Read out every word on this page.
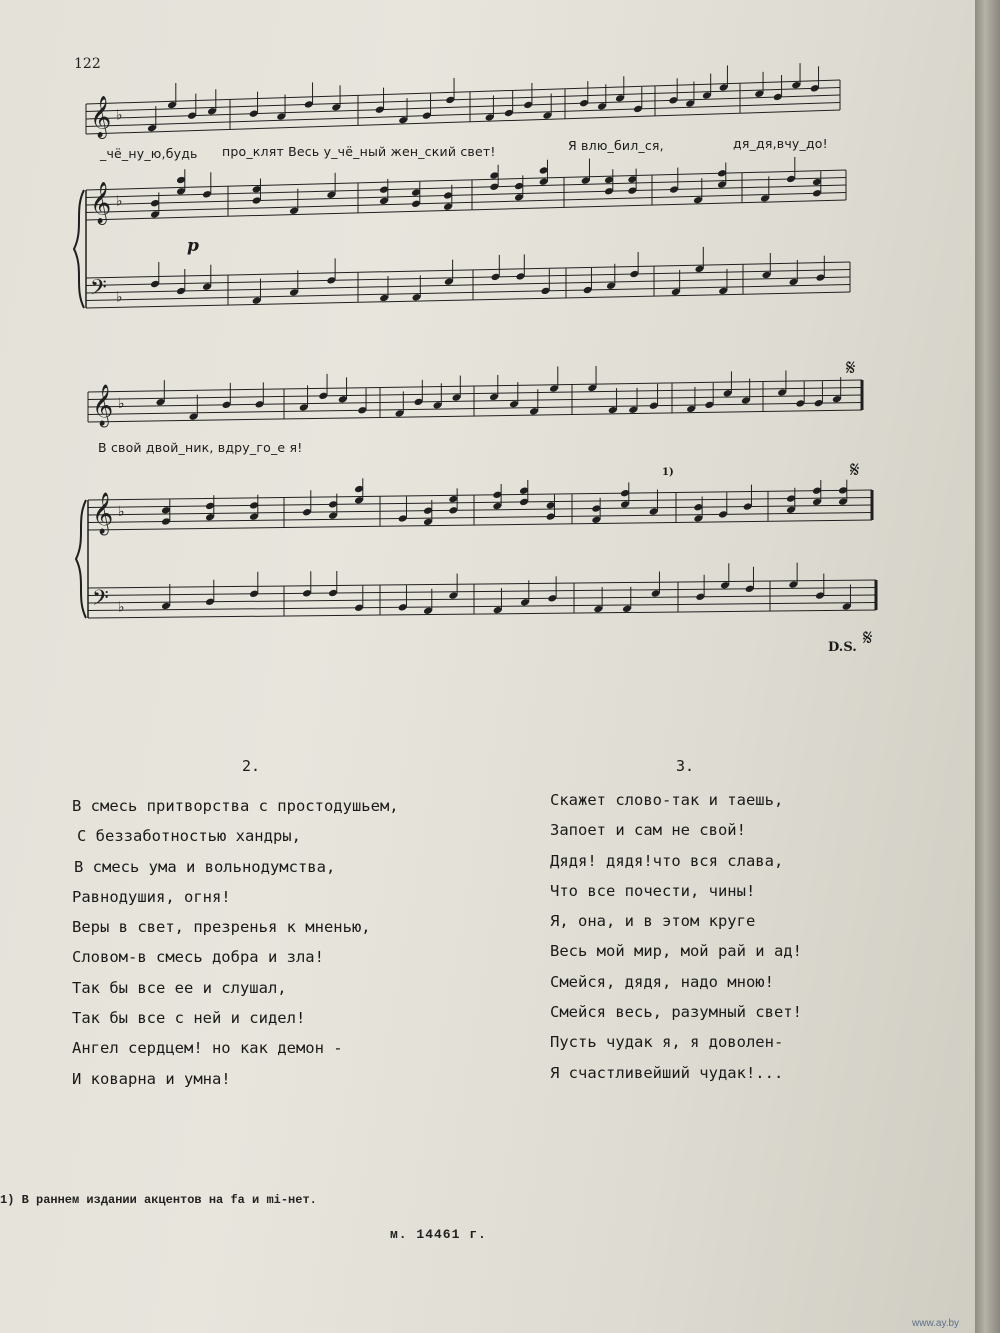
122
𝄞 ♭
𝄞 ♭
𝄢 ♭
𝄞 ♭
𝄞 ♭
𝄢 ♭
_чё_ну_ю,будь про_клят Весь у_чё_ный жен_ский свет!	Я влю_бил_ся,	дя_дя,вчу_до!
В свой двой_ник, вдру_го_е я!
p
1)
D.S.
𝄋
𝄋
𝄋
2.
В смесь притворства с простодушьем,
С беззаботностью хандры,
В смесь ума и вольнодумства,
Равнодушия, огня!
Веры в свет, презренья к мненью,
Словом-в смесь добра и зла!
Так бы все ее и слушал,
Так бы все с ней и сидел!
Ангел сердцем! но как демон -
И коварна и умна!
3.
Скажет слово-так и таешь,
Запоет и сам не свой!
Дядя! дядя!что вся слава,
Что все почести, чины!
Я, она, и в этом круге
Весь мой мир, мой рай и ад!
Смейся, дядя, надо мною!
Смейся весь, разумный свет!
Пусть чудак я, я доволен-
Я счастливейший чудак!...
1) В раннем издании акцентов на fa и mi-нет.
м. 14461 г.
www.ay.by
